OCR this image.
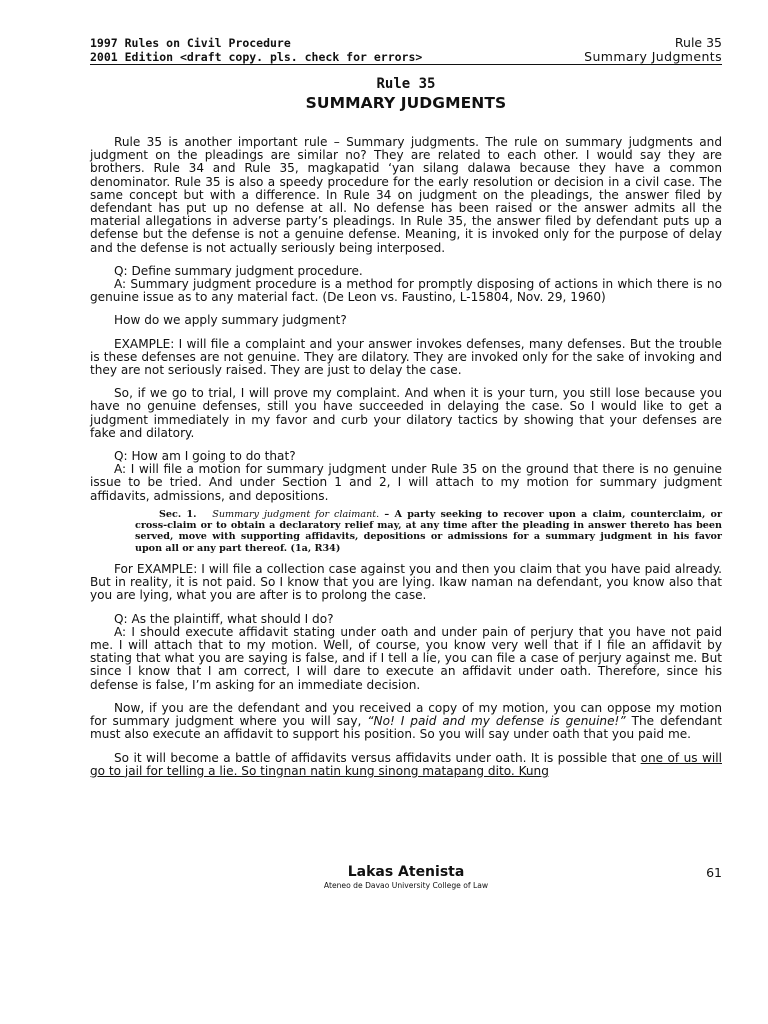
1997 Rules on Civil Procedure
2001 Edition <draft copy. pls. check for errors>
Rule 35
Summary Judgments
Rule 35
SUMMARY JUDGMENTS

Rule 35 is another important rule – Summary judgments. The rule on summary judgments and judgment on the pleadings are similar no? They are related to each other. I would say they are brothers. Rule 34 and Rule 35, magkapatid ‘yan silang dalawa because they have a common denominator. Rule 35 is also a speedy procedure for the early resolution or decision in a civil case. The same concept but with a difference. In Rule 34 on judgment on the pleadings, the answer filed by defendant has put up no defense at all. No defense has been raised or the answer admits all the material allegations in adverse party’s pleadings. In Rule 35, the answer filed by defendant puts up a defense but the defense is not a genuine defense. Meaning, it is invoked only for the purpose of delay and the defense is not actually seriously being interposed.

Q: Define summary judgment procedure.

A: Summary judgment procedure is a method for promptly disposing of actions in which there is no genuine issue as to any material fact. (De Leon vs. Faustino, L-15804, Nov. 29, 1960)

How do we apply summary judgment?

EXAMPLE: I will file a complaint and your answer invokes defenses, many defenses. But the trouble is these defenses are not genuine. They are dilatory. They are invoked only for the sake of invoking and they are not seriously raised. They are just to delay the case.

So, if we go to trial, I will prove my complaint. And when it is your turn, you still lose because you have no genuine defenses, still you have succeeded in delaying the case. So I would like to get a judgment immediately in my favor and curb your dilatory tactics by showing that your defenses are fake and dilatory.

Q: How am I going to do that?

A: I will file a motion for summary judgment under Rule 35 on the ground that there is no genuine issue to be tried. And under Section 1 and 2, I will attach to my motion for summary judgment affidavits, admissions, and depositions.

Sec. 1. Summary judgment for claimant. – A party seeking to recover upon a claim, counterclaim, or cross-claim or to obtain a declaratory relief may, at any time after the pleading in answer thereto has been served, move with supporting affidavits, depositions or admissions for a summary judgment in his favor upon all or any part thereof. (1a, R34)

For EXAMPLE: I will file a collection case against you and then you claim that you have paid already. But in reality, it is not paid. So I know that you are lying. Ikaw naman na defendant, you know also that you are lying, what you are after is to prolong the case.

Q: As the plaintiff, what should I do?

A: I should execute affidavit stating under oath and under pain of perjury that you have not paid me. I will attach that to my motion. Well, of course, you know very well that if I file an affidavit by stating that what you are saying is false, and if I tell a lie, you can file a case of perjury against me. But since I know that I am correct, I will dare to execute an affidavit under oath. Therefore, since his defense is false, I’m asking for an immediate decision.

Now, if you are the defendant and you received a copy of my motion, you can oppose my motion for summary judgment where you will say, “No! I paid and my defense is genuine!” The defendant must also execute an affidavit to support his position. So you will say under oath that you paid me.

So it will become a battle of affidavits versus affidavits under oath. It is possible that one of us will go to jail for telling a lie. So tingnan natin kung sinong matapang dito. Kung

Lakas Atenista
Ateneo de Davao University College of Law
61
